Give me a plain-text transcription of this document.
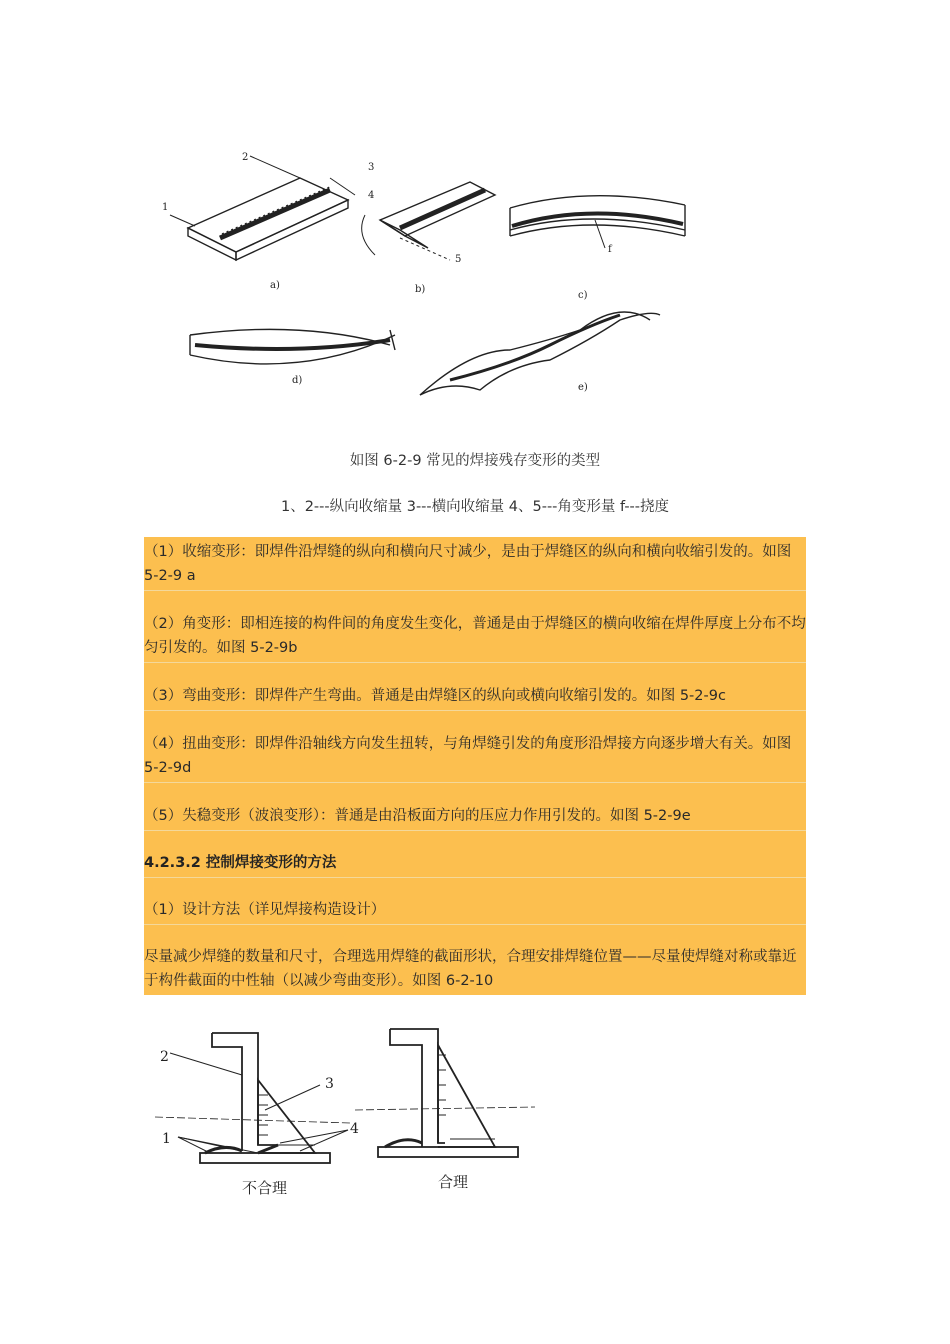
1
2
3
4
5
f
a)	b)
c)
d)
e)
如图 6-2-9 常见的焊接残存变形的类型
1、2---纵向收缩量 3---横向收缩量 4、5---角变形量 f---挠度
（1）收缩变形：即焊件沿焊缝的纵向和横向尺寸减少，是由于焊缝区的纵向和横向收缩引发的。如图 5-2-9 a
（2）角变形：即相连接的构件间的角度发生变化，普通是由于焊缝区的横向收缩在焊件厚度上分布不均匀引发的。如图 5-2-9b
（3）弯曲变形：即焊件产生弯曲。普通是由焊缝区的纵向或横向收缩引发的。如图 5-2-9c
（4）扭曲变形：即焊件沿轴线方向发生扭转，与角焊缝引发的角度形沿焊接方向逐步增大有关。如图 5-2-9d
（5）失稳变形（波浪变形）：普通是由沿板面方向的压应力作用引发的。如图 5-2-9e
4.2.3.2 控制焊接变形的方法
（1）设计方法（详见焊接构造设计）
尽量减少焊缝的数量和尺寸，合理选用焊缝的截面形状，合理安排焊缝位置——尽量使焊缝对称或靠近于构件截面的中性轴（以减少弯曲变形）。如图 6-2-10
2
3
1
4
不合理	合理
